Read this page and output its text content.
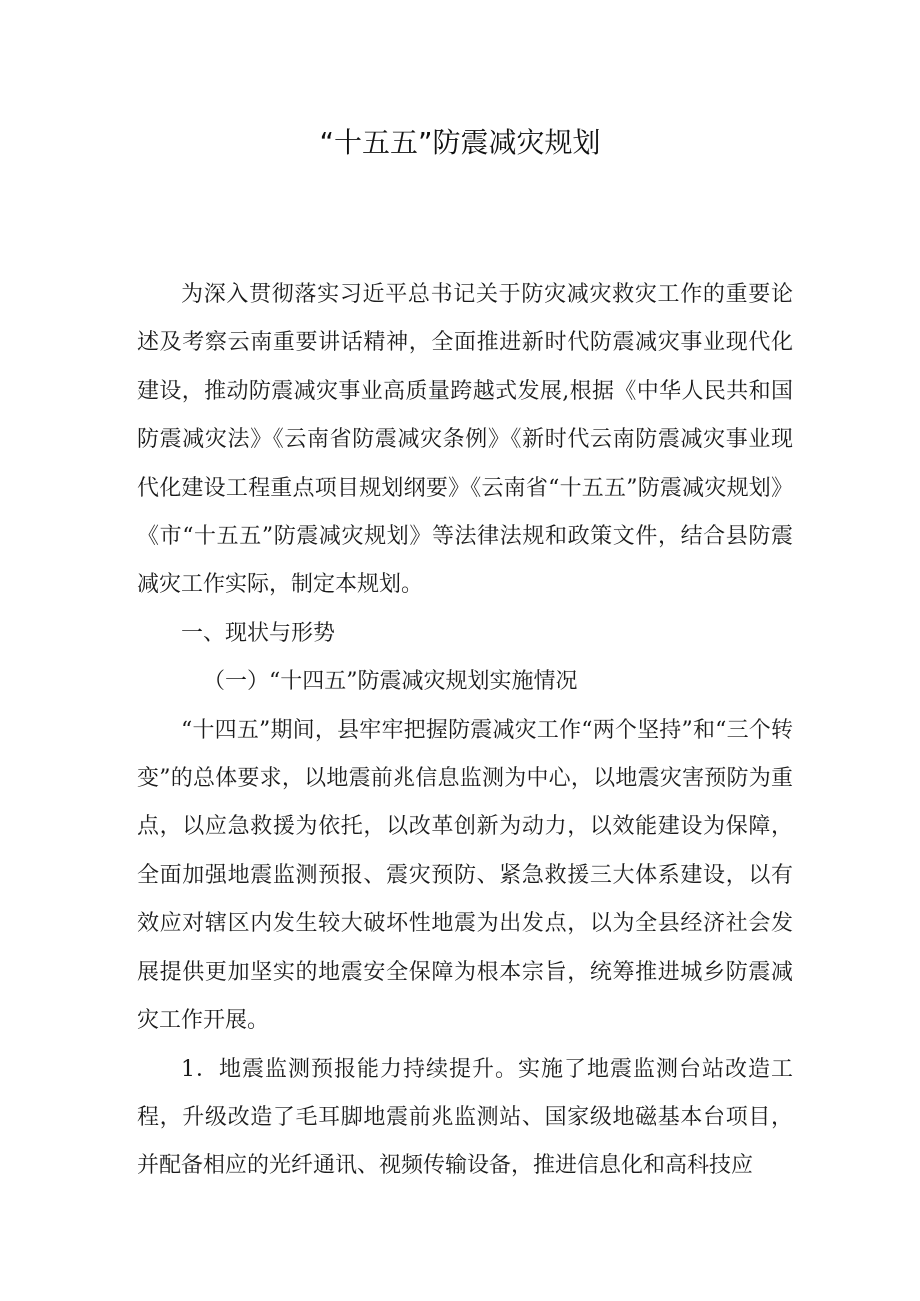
“十五五”防震减灾规划

为深入贯彻落实习近平总书记关于防灾减灾救灾工作的重要论述及考察云南重要讲话精神，全面推进新时代防震减灾事业现代化建设，推动防震减灾事业高质量跨越式发展,根据《中华人民共和国防震减灾法》《云南省防震减灾条例》《新时代云南防震减灾事业现代化建设工程重点项目规划纲要》《云南省“十五五”防震减灾规划》《市“十五五”防震减灾规划》等法律法规和政策文件，结合县防震减灾工作实际，制定本规划。

一、现状与形势

（一）“十四五”防震减灾规划实施情况

“十四五”期间，县牢牢把握防震减灾工作“两个坚持”和“三个转变”的总体要求，以地震前兆信息监测为中心，以地震灾害预防为重点，以应急救援为依托，以改革创新为动力，以效能建设为保障，全面加强地震监测预报、震灾预防、紧急救援三大体系建设，以有效应对辖区内发生较大破坏性地震为出发点，以为全县经济社会发展提供更加坚实的地震安全保障为根本宗旨，统筹推进城乡防震减灾工作开展。

1．地震监测预报能力持续提升。实施了地震监测台站改造工程，升级改造了毛耳脚地震前兆监测站、国家级地磁基本台项目，并配备相应的光纤通讯、视频传输设备，推进信息化和高科技应
